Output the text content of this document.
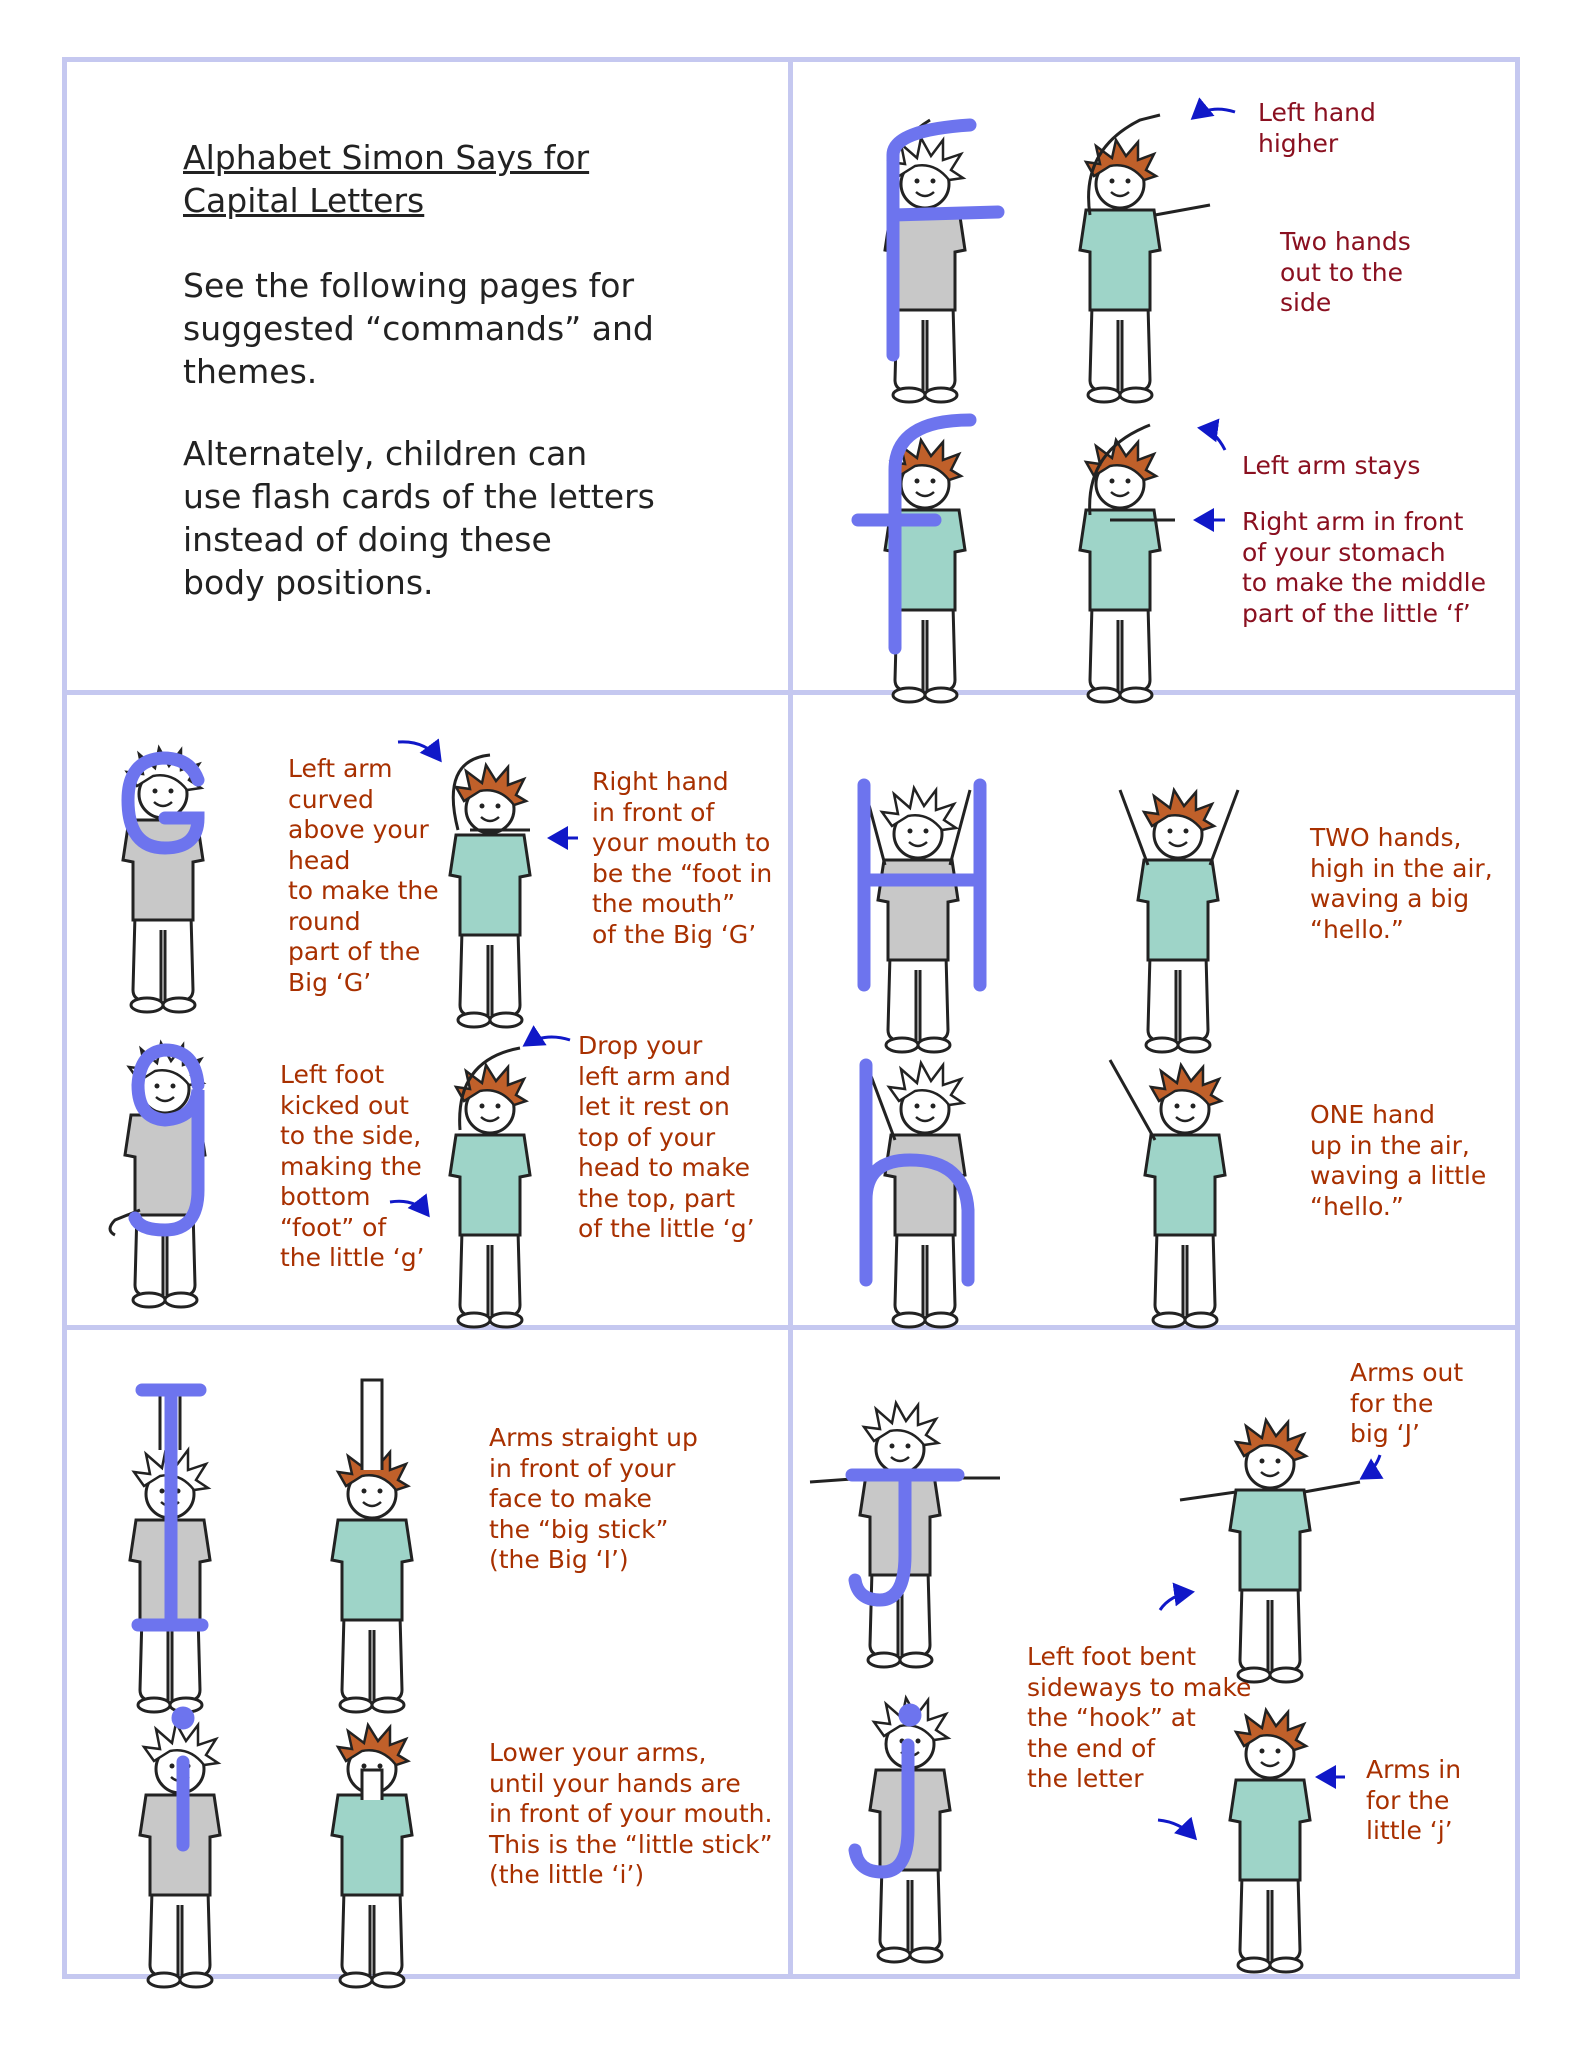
Alphabet Simon Says for
Capital Letters
See the following pages for
suggested “commands” and
themes.
Alternately, children can
use flash cards of the letters
instead of doing these
body positions.
Left hand
higher
Two hands
out to the
side
Left arm stays
Right arm in front
of your stomach
to make the middle
part of the little ‘f’
Left arm
curved
above your
head
to make the
round
part of the
Big ‘G’
Right hand
in front of
your mouth to
be the “foot in
the mouth”
of the Big ‘G’
Left foot
kicked out
to the side,
making the
bottom
“foot” of
the little ‘g’
Drop your
left arm and
let it rest on
top of your
head to make
the top, part
of the little ‘g’
TWO hands,
high in the air,
waving a big
“hello.”
ONE hand
up in the air,
waving a little
“hello.”
Arms straight up
in front of your
face to make
the “big stick”
(the Big ‘I’)
Lower your arms,
until your hands are
in front of your mouth.
This is the “little stick”
(the little ‘i’)
Arms out
for the
big ‘J’
Left foot bent
sideways to make
the “hook” at
the end of
the letter	Arms in
for the
little ‘j’
